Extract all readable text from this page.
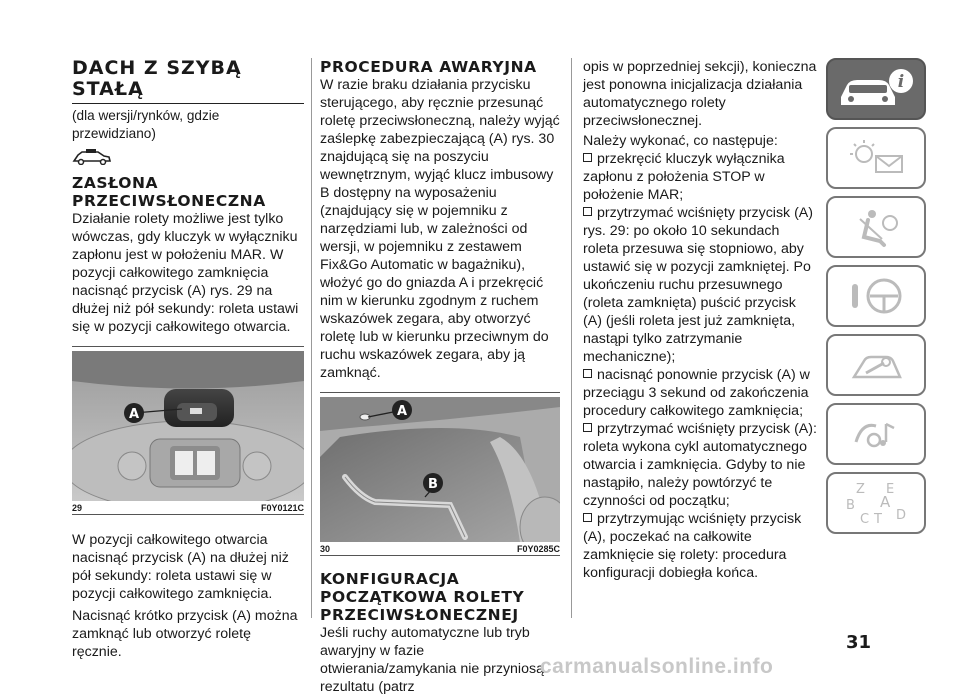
DACH Z SZYBĄ
STAŁĄ

(dla wersji/rynków, gdzie przewidziano)

ZASŁONA
PRZECIWSŁONECZNA

Działanie rolety możliwe jest tylko wówczas, gdy kluczyk w wyłączniku zapłonu jest w położeniu MAR. W pozycji całkowitego zamknięcia nacisnąć przycisk (A) rys. 29 na dłużej niż pół sekundy: roleta ustawi się w pozycji całkowitego otwarcia.

A
29	F0Y0121C

W pozycji całkowitego otwarcia nacisnąć przycisk (A) na dłużej niż pół sekundy: roleta ustawi się w pozycji całkowitego zamknięcia.

Nacisnąć krótko przycisk (A) można zamknąć lub otworzyć roletę ręcznie.

PROCEDURA AWARYJNA

W razie braku działania przycisku sterującego, aby ręcznie przesunąć roletę przeciwsłoneczną, należy wyjąć zaślepkę zabezpieczającą (A) rys. 30 znajdującą się na poszyciu wewnętrznym, wyjąć klucz imbusowy B dostępny na wyposażeniu (znajdujący się w pojemniku z narzędziami lub, w zależności od wersji, w pojemniku z zestawem Fix&Go Automatic w bagażniku), włożyć go do gniazda A i przekręcić nim w kierunku zgodnym z ruchem wskazówek zegara, aby otworzyć roletę lub w kierunku przeciwnym do ruchu wskazówek zegara, aby ją zamknąć.

A
B
30	F0Y0285C
KONFIGURACJA
POCZĄTKOWA ROLETY
PRZECIWSŁONECZNEJ

Jeśli ruchy automatyczne lub tryb awaryjny w fazie otwierania/zamykania nie przyniosą rezultatu (patrz

opis w poprzedniej sekcji), konieczna jest ponowna inicjalizacja działania automatycznego rolety przeciwsłonecznej.

Należy wykonać, co następuje:

przekręcić kluczyk wyłącznika zapłonu z położenia STOP w położenie MAR;

przytrzymać wciśnięty przycisk (A) rys. 29: po około 10 sekundach roleta przesuwa się stopniowo, aby ustawić się w pozycji zamkniętej. Po ukończeniu ruchu przesuwnego (roleta zamknięta) puścić przycisk (A) (jeśli roleta jest już zamknięta, nastąpi tylko zatrzymanie mechaniczne);

nacisnąć ponownie przycisk (A) w przeciągu 3 sekund od zakończenia procedury całkowitego zamknięcia;

przytrzymać wciśnięty przycisk (A): roleta wykona cykl automatycznego otwarcia i zamknięcia. Gdyby to nie nastąpiło, należy powtórzyć te czynności od początku;

przytrzymując wciśnięty przycisk (A), poczekać na całkowite zamknięcie się rolety: procedura konfiguracji dobiegła końca.

i
Z E
B A
C T D
31
carmanualsonline.info
